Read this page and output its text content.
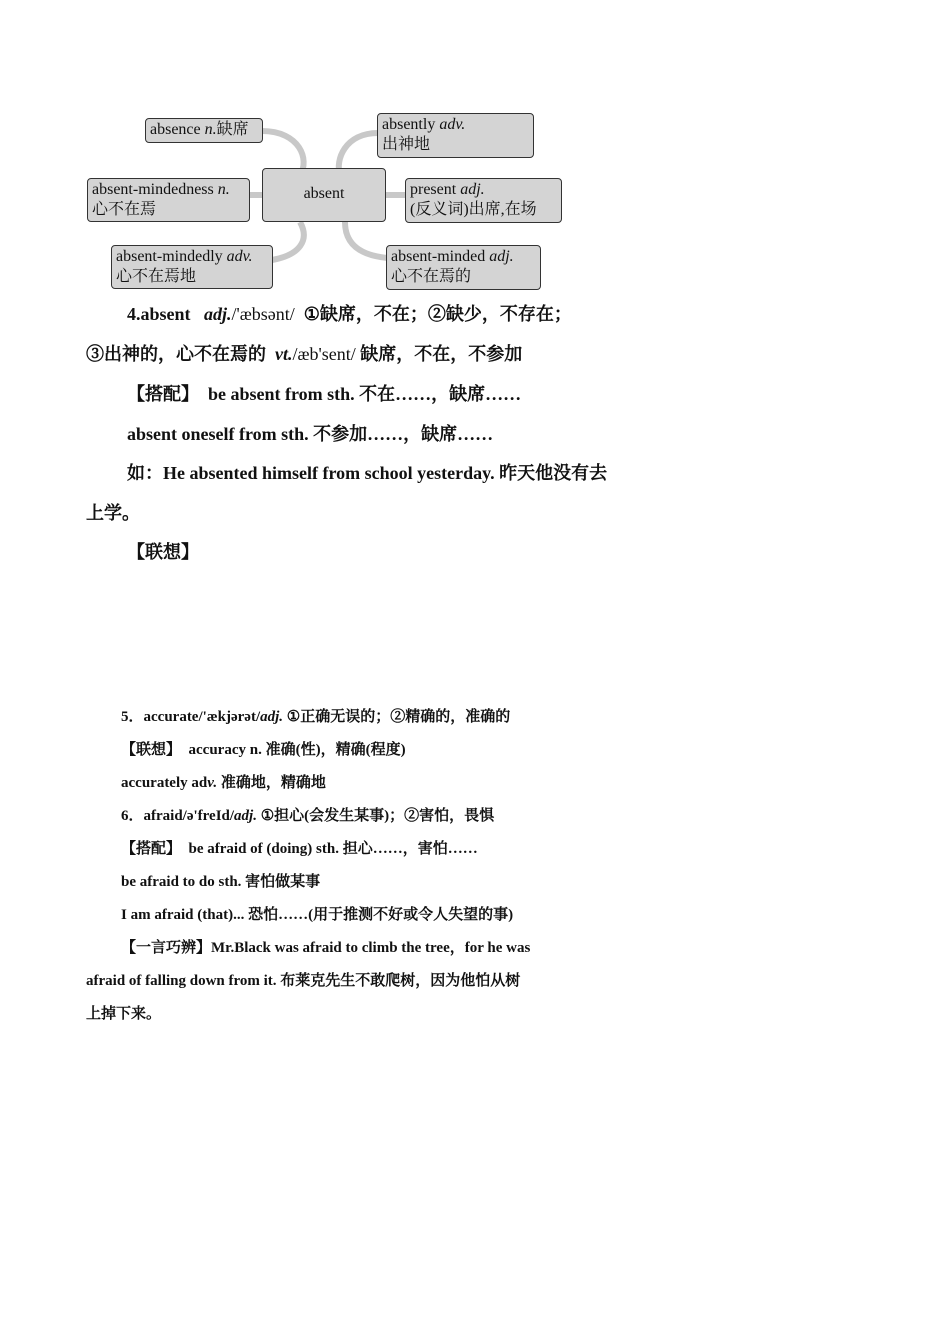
absence n.缺席
absent-mindedness n.
心不在焉
absent-mindedly adv.
心不在焉地
absent
absently adv.
出神地
present adj.
(反义词)出席,在场
absent-minded adj.
心不在焉的
4.absent adj./'æbsənt/ ①缺席，不在；②缺少，不存在；
③出神的，心不在焉的 vt./æb'sent/ 缺席，不在，不参加
【搭配】 be absent from sth. 不在……，缺席……
absent oneself from sth. 不参加……，缺席……
如：He absented himself from school yesterday. 昨天他没有去
上学。
【联想】
5．accurate/'ækjərət/adj. ①正确无误的；②精确的，准确的
【联想】 accuracy n. 准确(性)，精确(程度)
accurately adv. 准确地，精确地
6．afraid/ə'freId/adj. ①担心(会发生某事)；②害怕，畏惧
【搭配】 be afraid of (doing) sth. 担心……，害怕……
be afraid to do sth. 害怕做某事
I am afraid (that)... 恐怕……(用于推测不好或令人失望的事)
【一言巧辨】Mr.Black was afraid to climb the tree，for he was
afraid of falling down from it. 布莱克先生不敢爬树，因为他怕从树
上掉下来。
